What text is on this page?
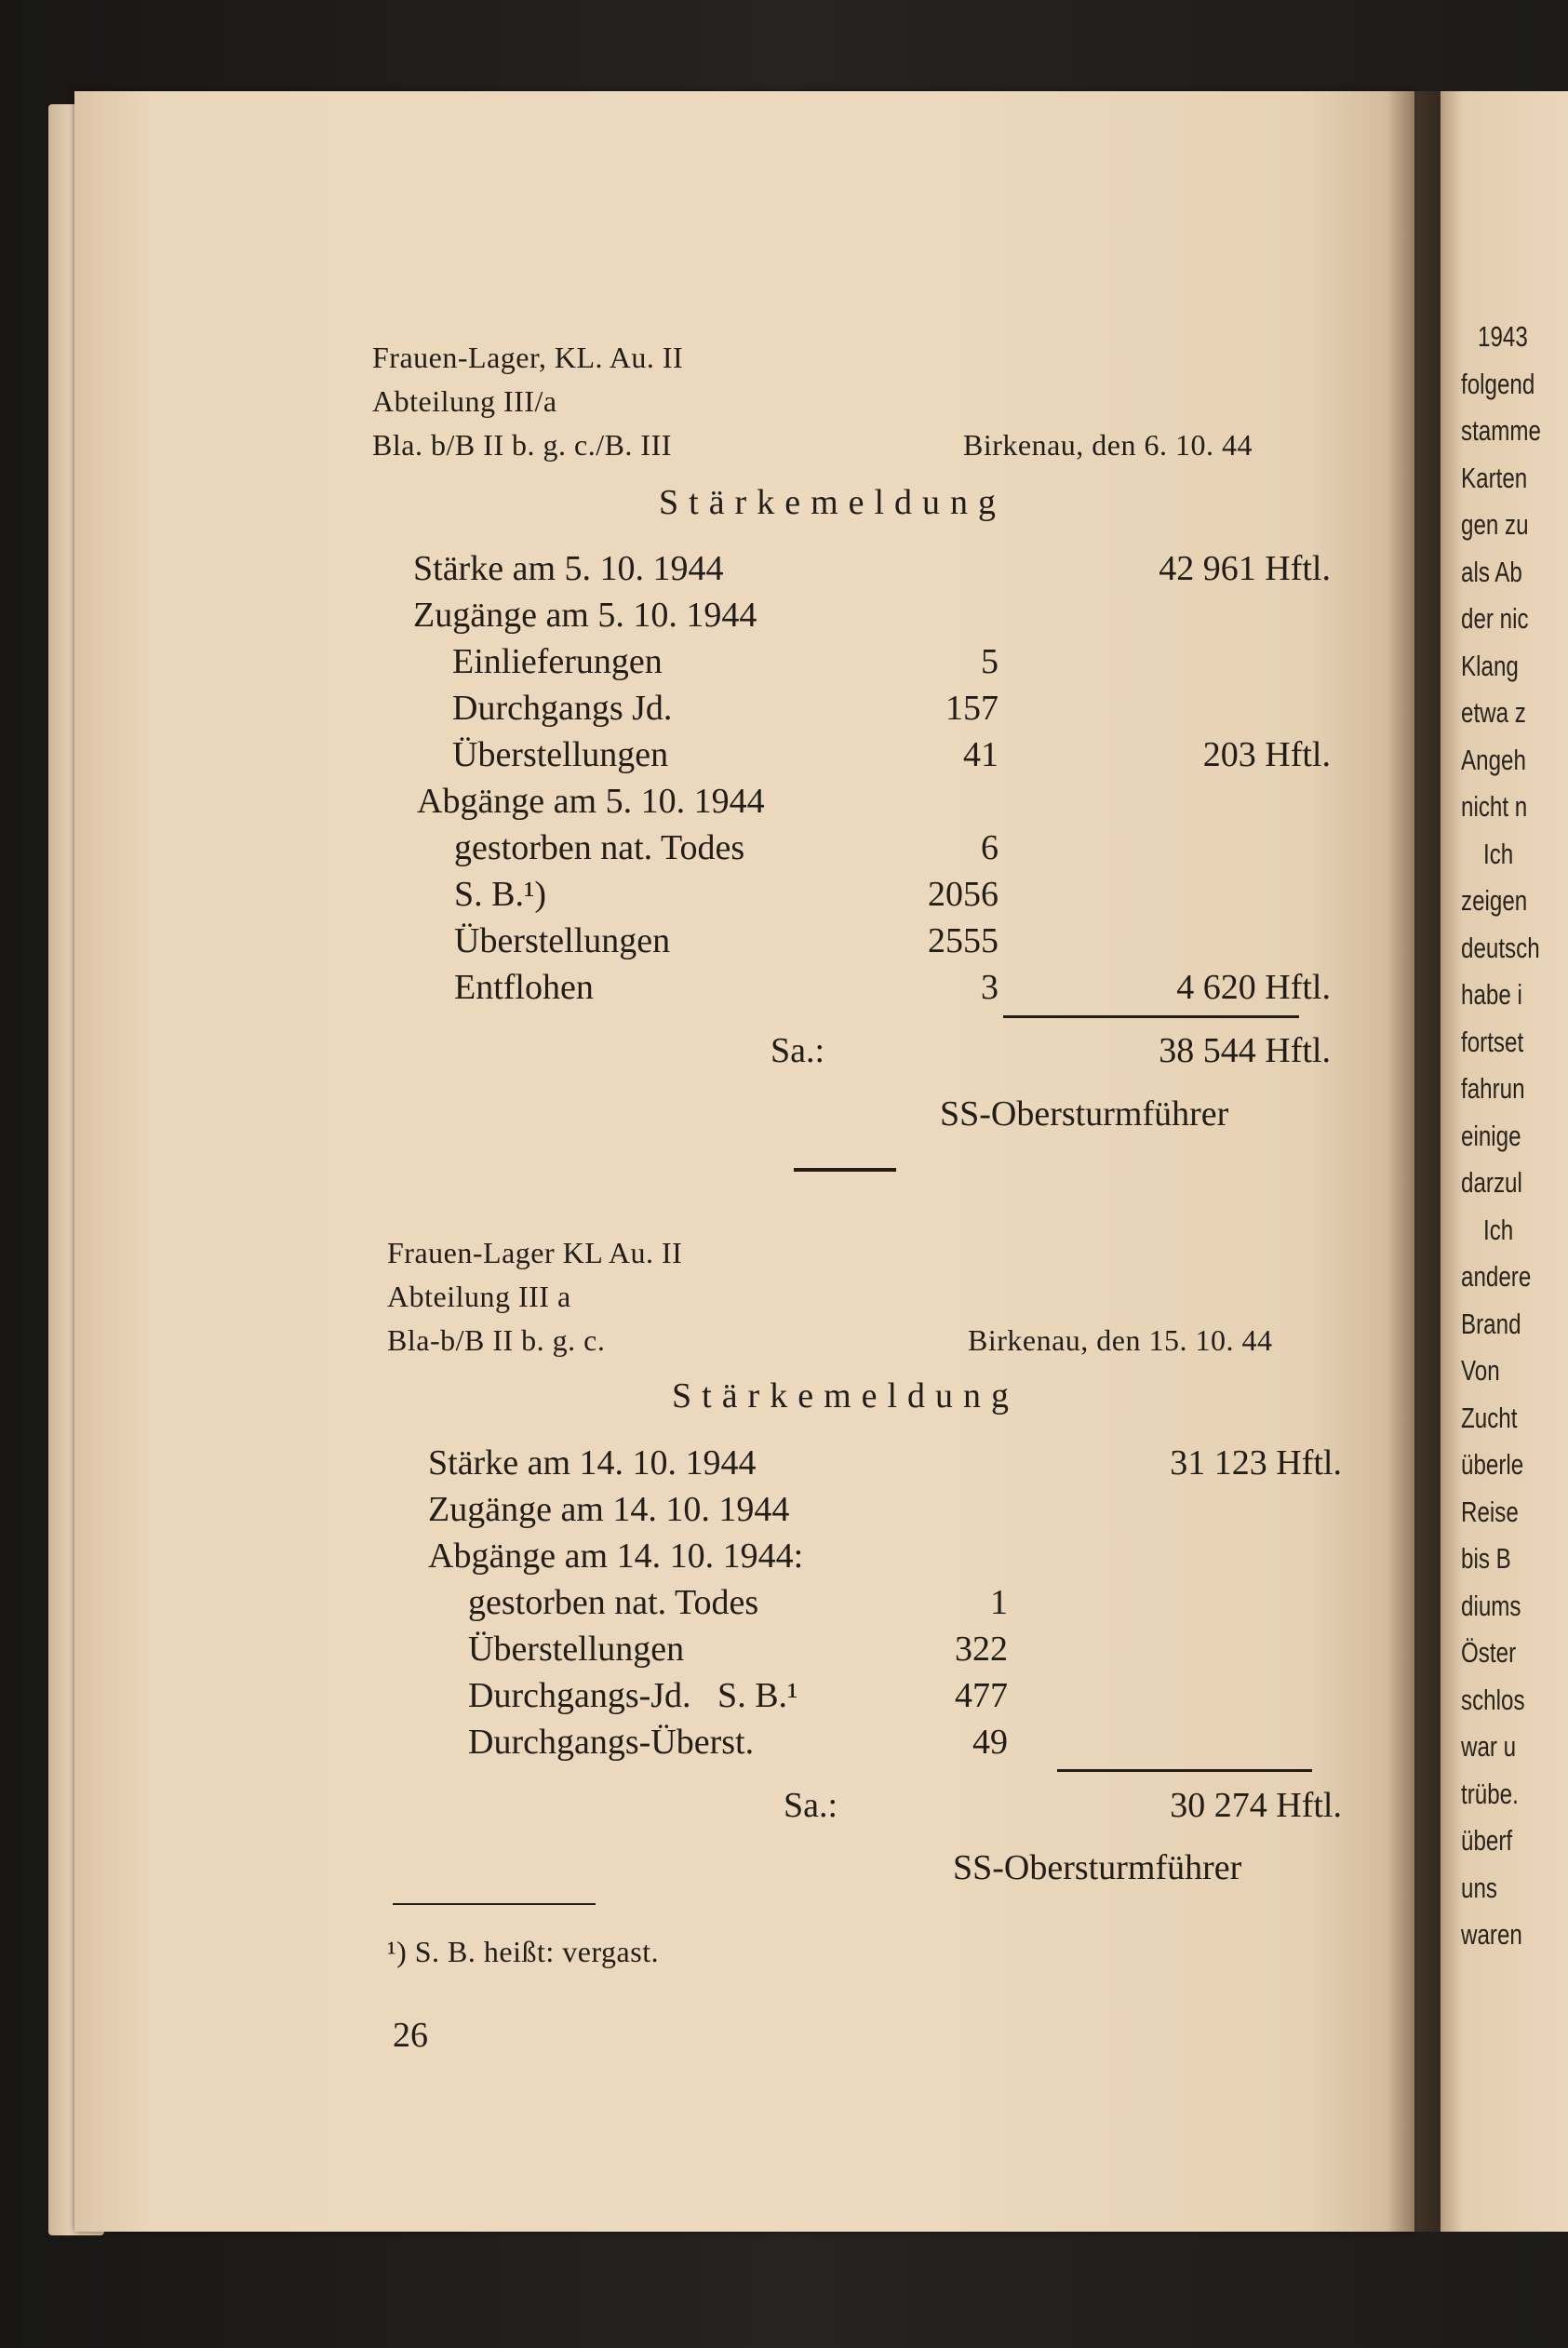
Frauen-Lager, KL. Au. II
Abteilung III/a
Bla. b/B II b. g. c./B. III	Birkenau, den 6. 10. 44
Stärkemeldung
Stärke am 5. 10. 1944	42 961 Hftl.
Zugänge am 5. 10. 1944
Einlieferungen	5
Durchgangs Jd.	157
Überstellungen	41	203 Hftl.
Abgänge am 5. 10. 1944
gestorben nat. Todes	6
S. B.¹)	2056
Überstellungen	2555
Entflohen	3	4 620 Hftl.
Sa.:	38 544 Hftl.
SS-Obersturmführer
Frauen-Lager KL Au. II
Abteilung III a
Bla-b/B II b. g. c.	Birkenau, den 15. 10. 44
Stärkemeldung
Stärke am 14. 10. 1944	31 123 Hftl.
Zugänge am 14. 10. 1944
Abgänge am 14. 10. 1944:
gestorben nat. Todes	1
Überstellungen	322
Durchgangs-Jd.   S. B.¹	477
Durchgangs-Überst.	49
Sa.:	30 274 Hftl.
SS-Obersturmführer
¹) S. B. heißt: vergast.
26
1943
folgend
stamme
Karten
gen zu
als Ab
der nic
Klang
etwa z
Angeh
nicht n
Ich
zeigen
deutsch
habe i
fortset
fahrun
einige
darzul
Ich
andere
Brand
Von
Zucht
überle
Reise
bis B
diums
Öster
schlos
war u
trübe.
überf
uns
waren
